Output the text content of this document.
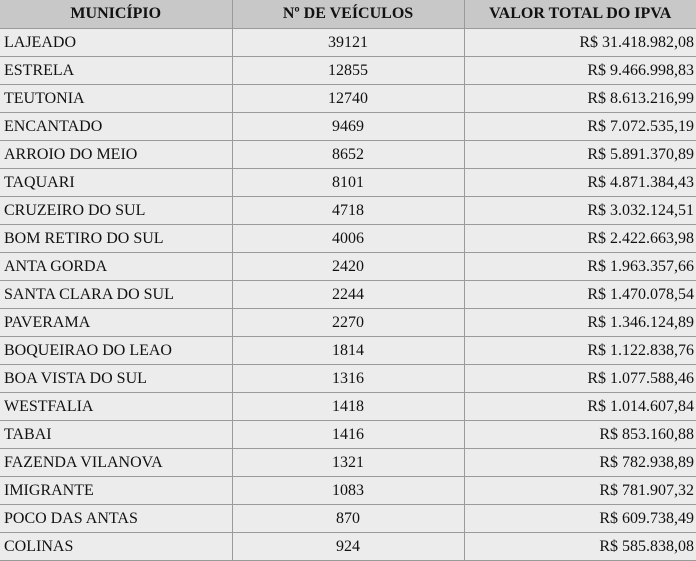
MUNICÍPIO	Nº DE VEÍCULOS	VALOR TOTAL DO IPVA
LAJEADO	39121	R$ 31.418.982,08
ESTRELA	12855	R$ 9.466.998,83
TEUTONIA	12740	R$ 8.613.216,99
ENCANTADO	9469	R$ 7.072.535,19
ARROIO DO MEIO	8652	R$ 5.891.370,89
TAQUARI	8101	R$ 4.871.384,43
CRUZEIRO DO SUL	4718	R$ 3.032.124,51
BOM RETIRO DO SUL	4006	R$ 2.422.663,98
ANTA GORDA	2420	R$ 1.963.357,66
SANTA CLARA DO SUL	2244	R$ 1.470.078,54
PAVERAMA	2270	R$ 1.346.124,89
BOQUEIRAO DO LEAO	1814	R$ 1.122.838,76
BOA VISTA DO SUL	1316	R$ 1.077.588,46
WESTFALIA	1418	R$ 1.014.607,84
TABAI	1416	R$ 853.160,88
FAZENDA VILANOVA	1321	R$ 782.938,89
IMIGRANTE	1083	R$ 781.907,32
POCO DAS ANTAS	870	R$ 609.738,49
COLINAS	924	R$ 585.838,08
